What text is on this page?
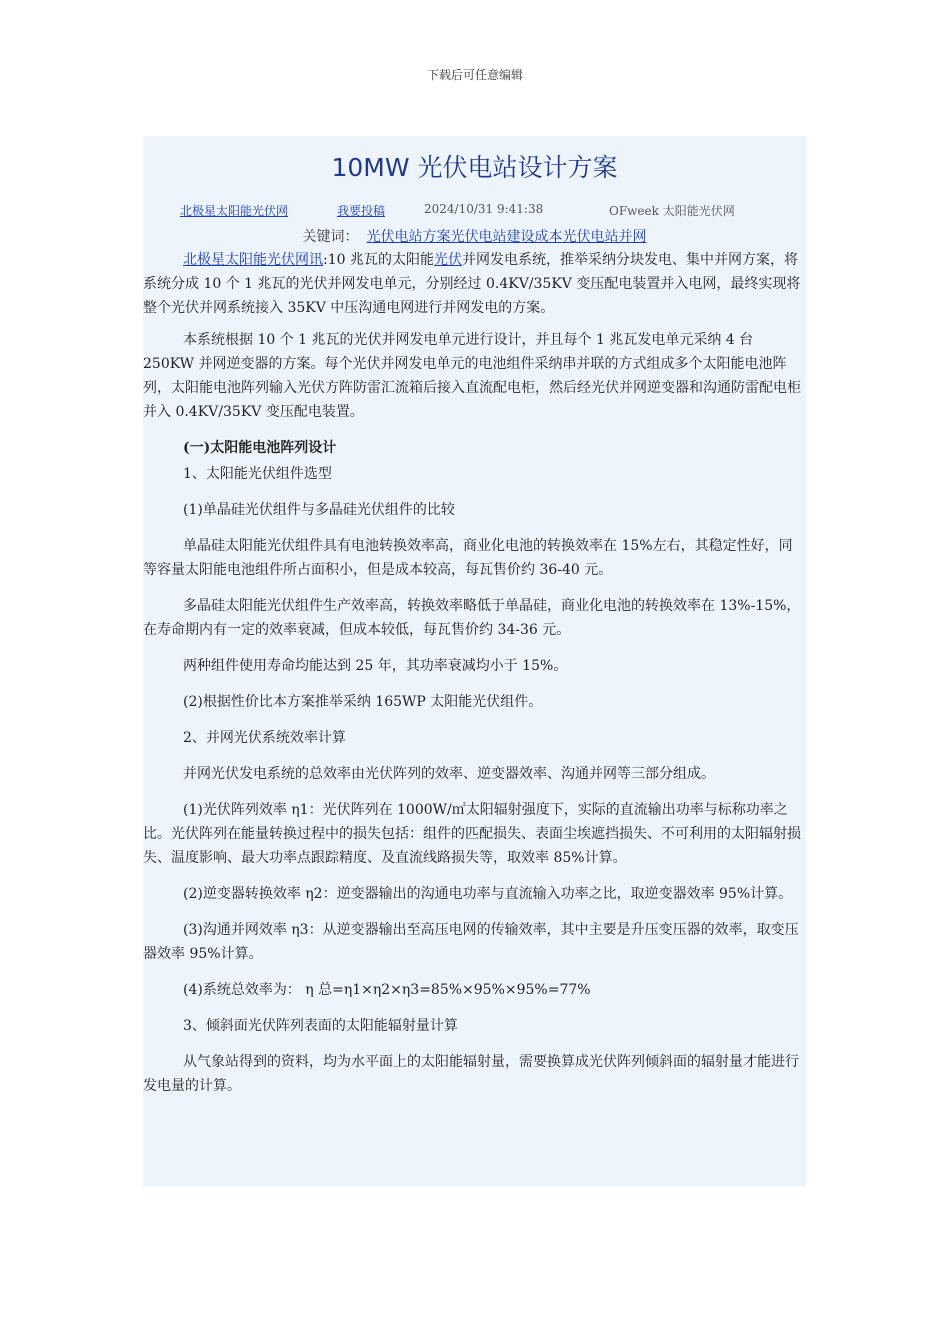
下载后可任意编辑
10MW 光伏电站设计方案
北极星太阳能光伏网	我要投稿	2024/10/31 9:41:38	OFweek 太阳能光伏网
关键词： 光伏电站方案光伏电站建设成本光伏电站并网

北极星太阳能光伏网讯:10 兆瓦的太阳能光伏并网发电系统，推举采纳分块发电、集中并网方案，将系统分成 10 个 1 兆瓦的光伏并网发电单元，分别经过 0.4KV/35KV 变压配电装置并入电网，最终实现将整个光伏并网系统接入 35KV 中压沟通电网进行并网发电的方案。

本系统根据 10 个 1 兆瓦的光伏并网发电单元进行设计，并且每个 1 兆瓦发电单元采纳 4 台 250KW 并网逆变器的方案。每个光伏并网发电单元的电池组件采纳串并联的方式组成多个太阳能电池阵列，太阳能电池阵列输入光伏方阵防雷汇流箱后接入直流配电柜，然后经光伏并网逆变器和沟通防雷配电柜并入 0.4KV/35KV 变压配电装置。

(一)太阳能电池阵列设计

1、太阳能光伏组件选型

(1)单晶硅光伏组件与多晶硅光伏组件的比较

单晶硅太阳能光伏组件具有电池转换效率高，商业化电池的转换效率在 15%左右，其稳定性好，同等容量太阳能电池组件所占面积小，但是成本较高，每瓦售价约 36-40 元。

多晶硅太阳能光伏组件生产效率高，转换效率略低于单晶硅，商业化电池的转换效率在 13%-15%，在寿命期内有一定的效率衰减，但成本较低，每瓦售价约 34-36 元。

两种组件使用寿命均能达到 25 年，其功率衰减均小于 15%。

(2)根据性价比本方案推举采纳 165WP 太阳能光伏组件。

2、并网光伏系统效率计算

并网光伏发电系统的总效率由光伏阵列的效率、逆变器效率、沟通并网等三部分组成。

(1)光伏阵列效率 η1：光伏阵列在 1000W/㎡太阳辐射强度下，实际的直流输出功率与标称功率之比。光伏阵列在能量转换过程中的损失包括：组件的匹配损失、表面尘埃遮挡损失、不可利用的太阳辐射损失、温度影响、最大功率点跟踪精度、及直流线路损失等，取效率 85%计算。

(2)逆变器转换效率 η2：逆变器输出的沟通电功率与直流输入功率之比，取逆变器效率 95%计算。

(3)沟通并网效率 η3：从逆变器输出至高压电网的传输效率，其中主要是升压变压器的效率，取变压器效率 95%计算。

(4)系统总效率为： η 总=η1×η2×η3=85%×95%×95%=77%

3、倾斜面光伏阵列表面的太阳能辐射量计算

从气象站得到的资料，均为水平面上的太阳能辐射量，需要换算成光伏阵列倾斜面的辐射量才能进行发电量的计算。
